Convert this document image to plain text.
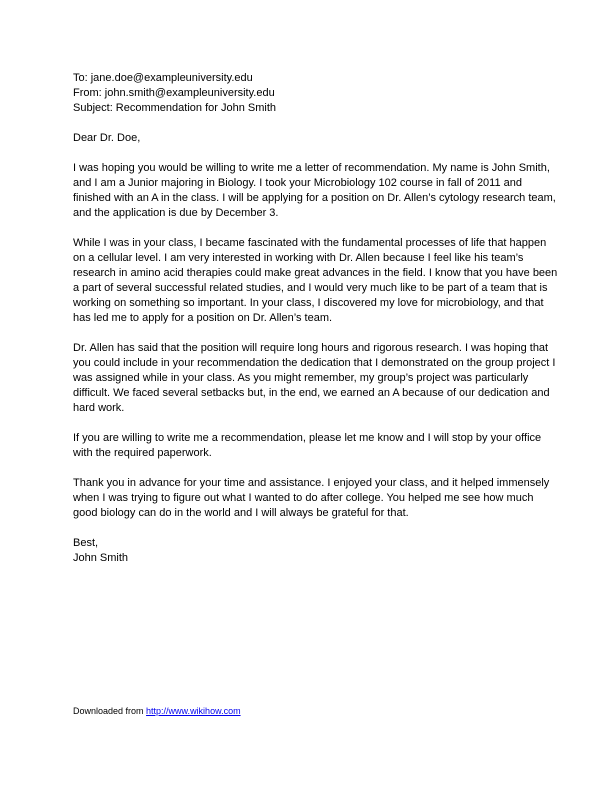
To: jane.doe@exampleuniversity.edu

From: john.smith@exampleuniversity.edu

Subject: Recommendation for John Smith

Dear Dr. Doe,

I was hoping you would be willing to write me a letter of recommendation. My name is John Smith, and I am a Junior majoring in Biology. I took your Microbiology 102 course in fall of 2011 and finished with an A in the class. I will be applying for a position on Dr. Allen’s cytology research team, and the application is due by December 3.

While I was in your class, I became fascinated with the fundamental processes of life that happen on a cellular level. I am very interested in working with Dr. Allen because I feel like his team’s research in amino acid therapies could make great advances in the field. I know that you have been a part of several successful related studies, and I would very much like to be part of a team that is working on something so important. In your class, I discovered my love for microbiology, and that has led me to apply for a position on Dr. Allen’s team.

Dr. Allen has said that the position will require long hours and rigorous research. I was hoping that you could include in your recommendation the dedication that I demonstrated on the group project I was assigned while in your class. As you might remember, my group’s project was particularly difficult. We faced several setbacks but, in the end, we earned an A because of our dedication and hard work.

If you are willing to write me a recommendation, please let me know and I will stop by your office with the required paperwork.

Thank you in advance for your time and assistance. I enjoyed your class, and it helped immensely when I was trying to figure out what I wanted to do after college. You helped me see how much good biology can do in the world and I will always be grateful for that.

Best,

John Smith

Downloaded from http://www.wikihow.com
